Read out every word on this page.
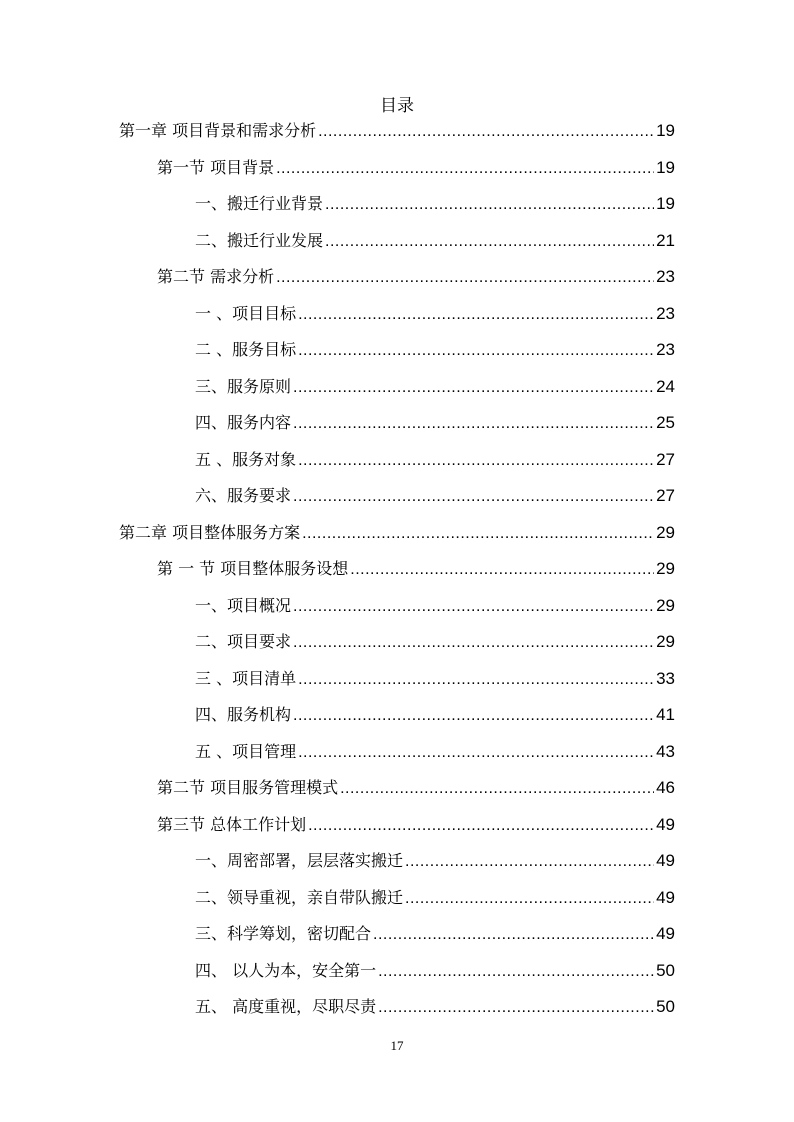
目录
第一章 项目背景和需求分析 .....	19
第一节 项目背景 .....	19
一、搬迁行业背景 .....	19
二、搬迁行业发展 .....	21
第二节 需求分析 .....	23
一 、项目目标 .....	23
二 、服务目标 .....	23
三、服务原则 .....	24
四、服务内容 .....	25
五 、服务对象 .....	27
六、服务要求 .....	27
第二章 项目整体服务方案 .....	29
第 一 节 项目整体服务设想 .....	29
一、项目概况 .....	29
二、项目要求 .....	29
三 、项目清单 .....	33
四、服务机构 .....	41
五 、项目管理 .....	43
第二节 项目服务管理模式 .....	46
第三节 总体工作计划 .....	49
一、周密部署，层层落实搬迁 .....	49
二、领导重视，亲自带队搬迁 .....	49
三、科学筹划，密切配合 .....	49
四、 以人为本，安全第一 .....	50
五、 高度重视，尽职尽责 .....	50
17
